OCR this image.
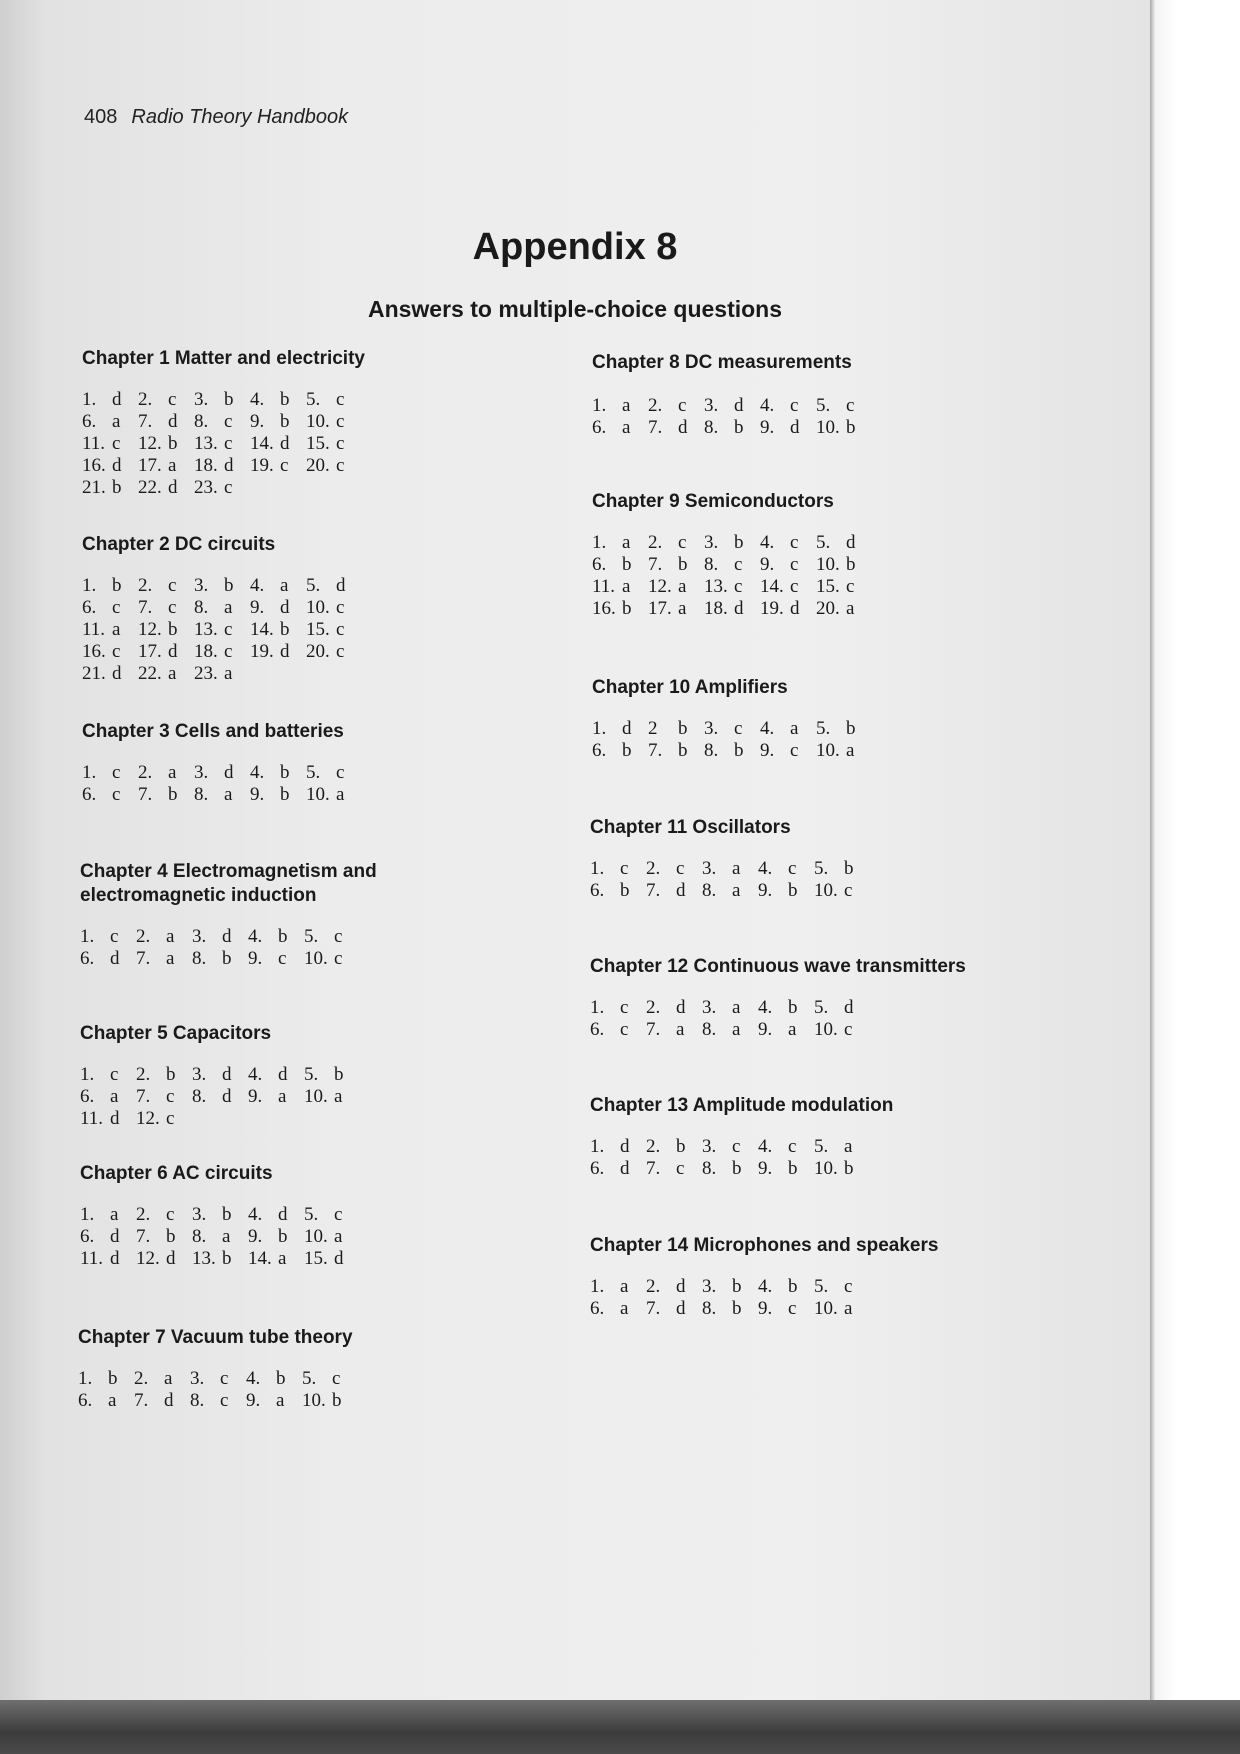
408 Radio Theory Handbook
Appendix 8
Answers to multiple-choice questions
Chapter 1 Matter and electricity
1. d 2. c 3. b 4. b 5. c
6. a 7. d 8. c 9. b 10. c
11. c 12. b 13. c 14. d 15. c
16. d 17. a 18. d 19. c 20. c
21. b 22. d 23. c
Chapter 2 DC circuits
1. b 2. c 3. b 4. a 5. d
6. c 7. c 8. a 9. d 10. c
11. a 12. b 13. c 14. b 15. c
16. c 17. d 18. c 19. d 20. c
21. d 22. a 23. a
Chapter 3 Cells and batteries
1. c 2. a 3. d 4. b 5. c
6. c 7. b 8. a 9. b 10. a
Chapter 4 Electromagnetism and
electromagnetic induction
1. c 2. a 3. d 4. b 5. c
6. d 7. a 8. b 9. c 10. c
Chapter 5 Capacitors
1. c 2. b 3. d 4. d 5. b
6. a 7. c 8. d 9. a 10. a
11. d 12. c
Chapter 6 AC circuits
1. a 2. c 3. b 4. d 5. c
6. d 7. b 8. a 9. b 10. a
11. d 12. d 13. b 14. a 15. d
Chapter 7 Vacuum tube theory
1. b 2. a 3. c 4. b 5. c
6. a 7. d 8. c 9. a 10. b
Chapter 8 DC measurements
1. a 2. c 3. d 4. c 5. c
6. a 7. d 8. b 9. d 10. b
Chapter 9 Semiconductors
1. a 2. c 3. b 4. c 5. d
6. b 7. b 8. c 9. c 10. b
11. a 12. a 13. c 14. c 15. c
16. b 17. a 18. d 19. d 20. a
Chapter 10 Amplifiers
1. d 2 b 3. c 4. a 5. b
6. b 7. b 8. b 9. c 10. a
Chapter 11 Oscillators
1. c 2. c 3. a 4. c 5. b
6. b 7. d 8. a 9. b 10. c
Chapter 12 Continuous wave transmitters
1. c 2. d 3. a 4. b 5. d
6. c 7. a 8. a 9. a 10. c
Chapter 13 Amplitude modulation
1. d 2. b 3. c 4. c 5. a
6. d 7. c 8. b 9. b 10. b
Chapter 14 Microphones and speakers
1. a 2. d 3. b 4. b 5. c
6. a 7. d 8. b 9. c 10. a
